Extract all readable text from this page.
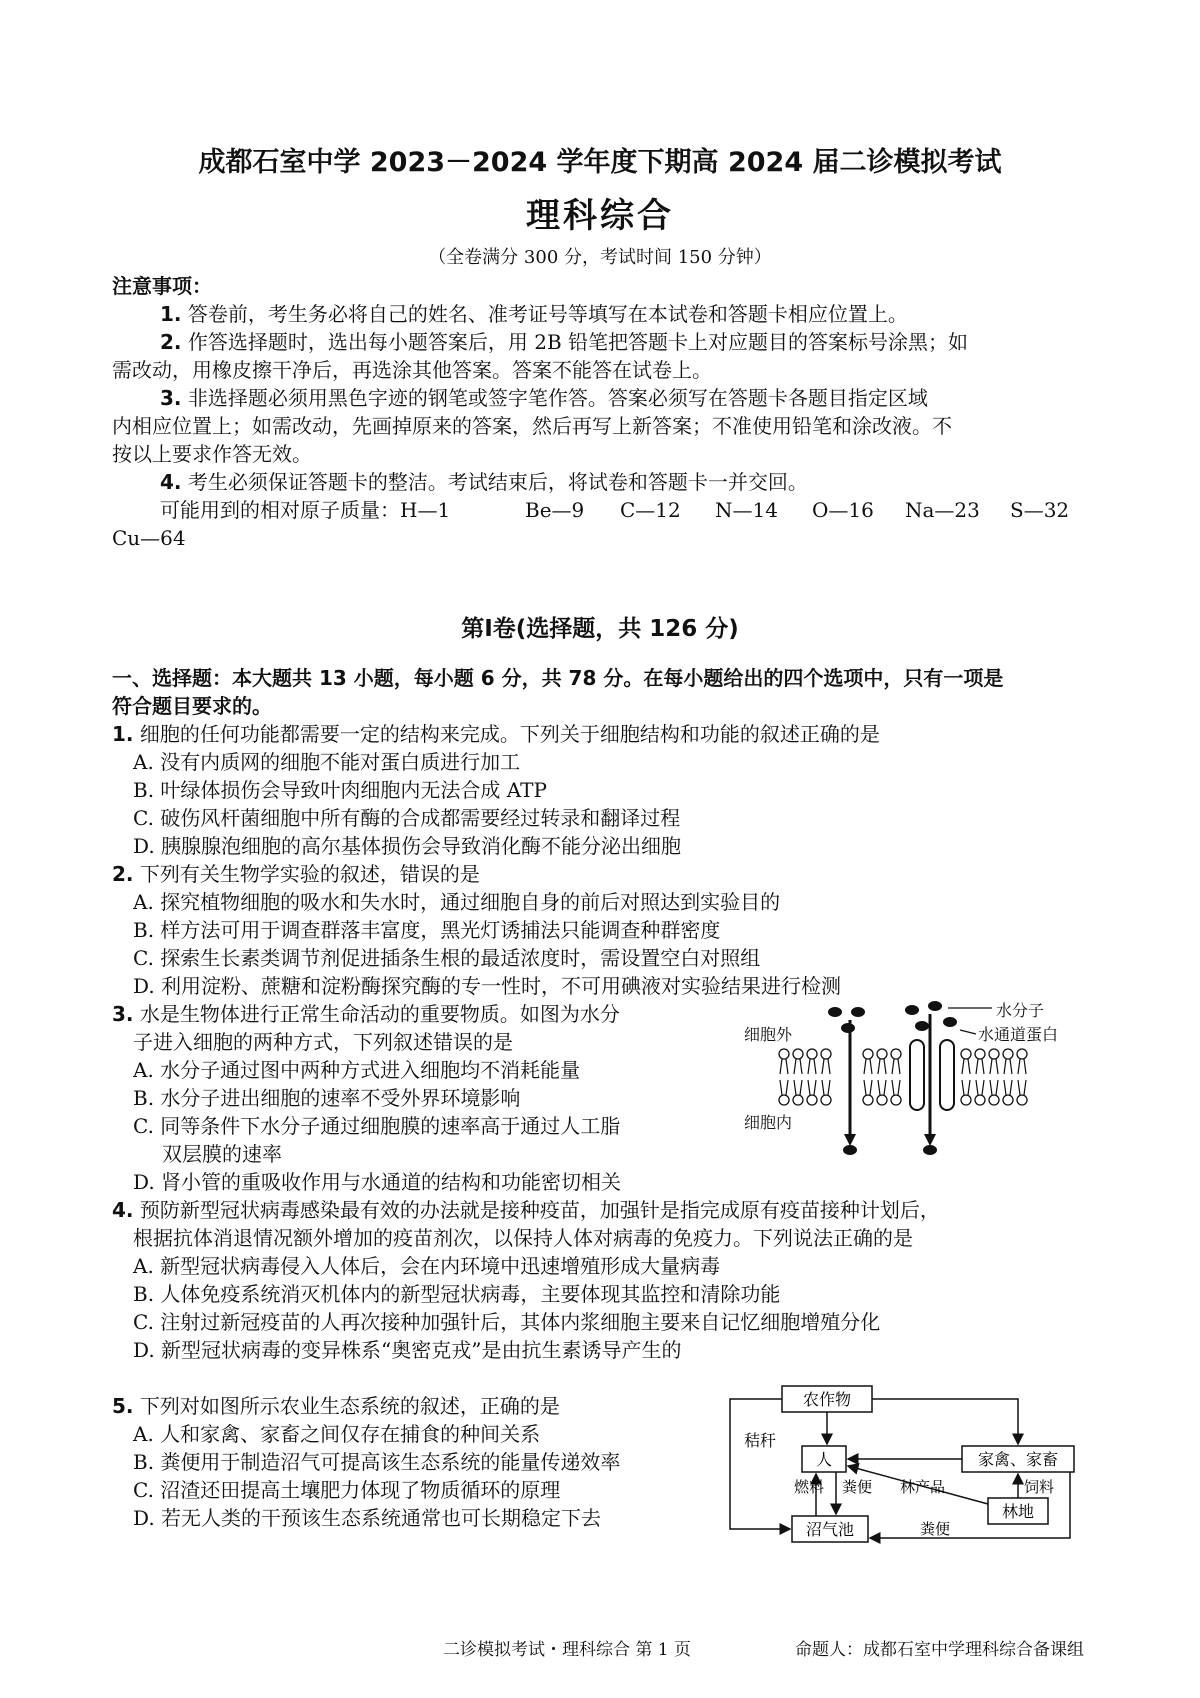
成都石室中学 2023－2024 学年度下期高 2024 届二诊模拟考试
理科综合
（全卷满分 300 分，考试时间 150 分钟）
注意事项：
1. 答卷前，考生务必将自己的姓名、准考证号等填写在本试卷和答题卡相应位置上。
2. 作答选择题时，选出每小题答案后，用 2B 铅笔把答题卡上对应题目的答案标号涂黑；如
需改动，用橡皮擦干净后，再选涂其他答案。答案不能答在试卷上。
3. 非选择题必须用黑色字迹的钢笔或签字笔作答。答案必须写在答题卡各题目指定区域
内相应位置上；如需改动，先画掉原来的答案，然后再写上新答案；不准使用铅笔和涂改液。不
按以上要求作答无效。
4. 考生必须保证答题卡的整洁。考试结束后，将试卷和答题卡一并交回。
可能用到的相对原子质量：H—1	Be—9 C—12 N—14 O—16 Na—23 S—32
Cu—64
第Ⅰ卷(选择题，共 126 分)
一、选择题：本大题共 13 小题，每小题 6 分，共 78 分。在每小题给出的四个选项中，只有一项是
符合题目要求的。
1. 细胞的任何功能都需要一定的结构来完成。下列关于细胞结构和功能的叙述正确的是
A. 没有内质网的细胞不能对蛋白质进行加工
B. 叶绿体损伤会导致叶肉细胞内无法合成 ATP
C. 破伤风杆菌细胞中所有酶的合成都需要经过转录和翻译过程
D. 胰腺腺泡细胞的高尔基体损伤会导致消化酶不能分泌出细胞
2. 下列有关生物学实验的叙述，错误的是
A. 探究植物细胞的吸水和失水时，通过细胞自身的前后对照达到实验目的
B. 样方法可用于调查群落丰富度，黑光灯诱捕法只能调查种群密度
C. 探索生长素类调节剂促进插条生根的最适浓度时，需设置空白对照组
D. 利用淀粉、蔗糖和淀粉酶探究酶的专一性时，不可用碘液对实验结果进行检测
3. 水是生物体进行正常生命活动的重要物质。如图为水分
子进入细胞的两种方式，下列叙述错误的是
A. 水分子通过图中两种方式进入细胞均不消耗能量
B. 水分子进出细胞的速率不受外界环境影响
C. 同等条件下水分子通过细胞膜的速率高于通过人工脂
双层膜的速率
D. 肾小管的重吸收作用与水通道的结构和功能密切相关
细胞外
细胞内
水分子
水通道蛋白
4. 预防新型冠状病毒感染最有效的办法就是接种疫苗，加强针是指完成原有疫苗接种计划后，
根据抗体消退情况额外增加的疫苗剂次，以保持人体对病毒的免疫力。下列说法正确的是
A. 新型冠状病毒侵入人体后，会在内环境中迅速增殖形成大量病毒
B. 人体免疫系统消灭机体内的新型冠状病毒，主要体现其监控和清除功能
C. 注射过新冠疫苗的人再次接种加强针后，其体内浆细胞主要来自记忆细胞增殖分化
D. 新型冠状病毒的变异株系“奥密克戎”是由抗生素诱导产生的
5. 下列对如图所示农业生态系统的叙述，正确的是
A. 人和家禽、家畜之间仅存在捕食的种间关系
B. 粪便用于制造沼气可提高该生态系统的能量传递效率
C. 沼渣还田提高土壤肥力体现了物质循环的原理
D. 若无人类的干预该生态系统通常也可长期稳定下去
农作物
人	家禽、家畜
沼气池
林地
秸秆
燃料 粪便 林产品	饲料
粪便
二诊模拟考试・理科综合 第 1 页	命题人：成都石室中学理科综合备课组
